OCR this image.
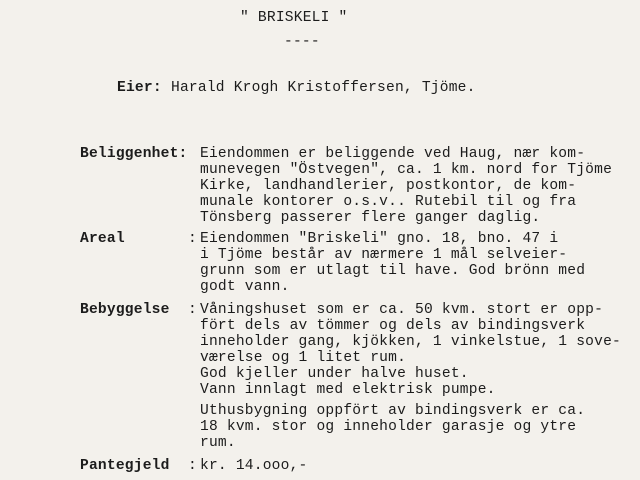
" BRISKELI "
----
Eier: Harald Krogh Kristoffersen, Tjöme.
Beliggenhet: Eiendommen er beliggende ved Haug, nær kom-
munevegen "Östvegen", ca. 1 km. nord for Tjöme
Kirke, landhandlerier, postkontor, de kom-
munale kontorer o.s.v.. Rutebil til og fra
Tönsberg passerer flere ganger daglig.
Areal	: Eiendommen "Briskeli" gno. 18, bno. 47 i
i Tjöme består av nærmere 1 mål selveier-
grunn som er utlagt til have. God brönn med
godt vann.
Bebyggelse : Våningshuset som er ca. 50 kvm. stort er opp-
fört dels av tömmer og dels av bindingsverk
inneholder gang, kjökken, 1 vinkelstue, 1 sove-
værelse og 1 litet rum.
God kjeller under halve huset.
Vann innlagt med elektrisk pumpe.
Uthusbygning oppfört av bindingsverk er ca.
18 kvm. stor og inneholder garasje og ytre
rum.
Pantegjeld : kr. 14.ooo,-
